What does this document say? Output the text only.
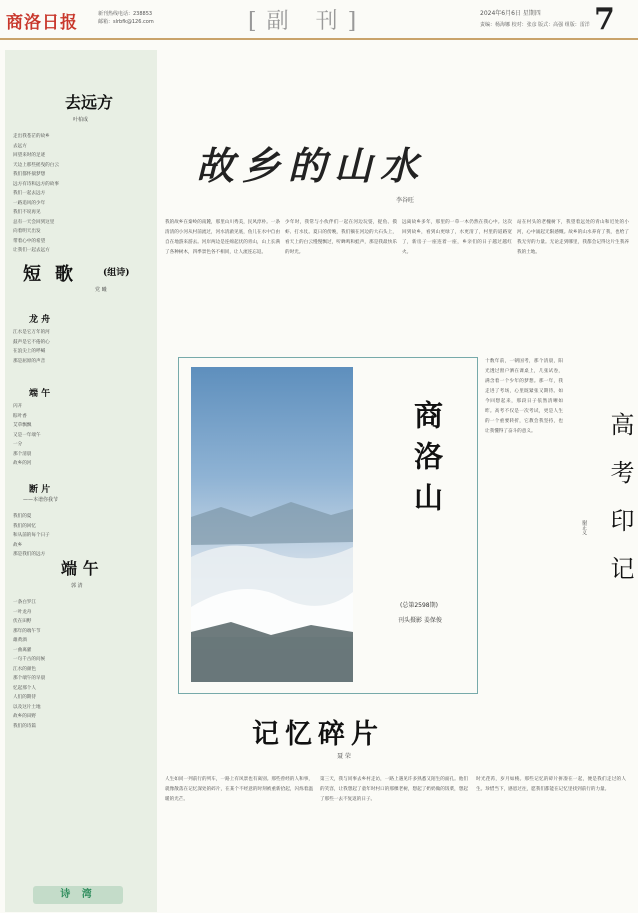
商洛日报	新刊热线电话：238853
邮箱：slrbfk@126.com	[副 刊]	2024年6月6日 星期四
责编：杨海娜 校对：张彦 版式：高强 组版：雷洋 7
去远方
叶柏成
走出我苍茫的故乡
去远方
回望来时的足迹
天边上那些摇曳的白云
我们都怀揣梦想
远方有诗和远方的故事
我们一起去远方
一路追风的少年
我们不说再见
总有一天会回到这里
向着明天出发
带着心中的希望
让我们一起去远方
短歌 (组诗)
党 曦
龙 舟
江水是它万年的河
鼓声是它不倦的心
在浪尖上的呼喊
那是屈原的声音
端 午
闪开
粽叶香
艾草飘飘
又是一年端午
一分
那个清晨
故乡的河
断 片
——本谱你我节
我们的夏
我们的回忆
和从前的每个日子
故乡
那是我们的远方
端 午
郭 清
一条白罗江
一叶龙舟
伏在田野
那年的端午节
雄黄酒
一曲离骚
一句千古的问候
江水的颜色
那个端午的早晨
忆起那个人
人们的期待
以及这片土地
故乡的田野
我们的诗篇
诗 湾
故乡的山水
李谷旺
我的故乡在秦岭的南麓，那里山川秀美，民风淳朴。一条清清的小河从村前流过，河水清澈见底，鱼儿在水中自由自在地游来游去。河岸两边是连绵起伏的青山，山上长满了各种树木，四季景色各不相同，让人流连忘返。
少年时，我常与小伙伴们一起在河边玩耍，捉鱼、摸虾、打水仗。夏日的傍晚，我们躺在河边的大石头上，看天上的白云慢慢飘过，听蝉鸣和蛙声，那是我最快乐的时光。
远离故乡多年，那里的一草一木仍然在我心中。这次回到故乡，看到山更绿了，水更清了，村里的道路宽了，新房子一座连着一座，乡亲们的日子越过越红火。
站在村头的老槐树下，我望着远处的青山和近处的小河，心中涌起无限感慨。故乡的山水养育了我，也给了我无穷的力量。无论走到哪里，我都会记得这片生我养我的土地。
商洛山
(总第2598期)
刊头摄影 姜保俊
十数年前，一朝国考，那个清晨，阳光透过窗户洒在课桌上，几张试卷，满含着一个少年的梦想。那一年，我走进了考场，心里既紧张又期待。如今回想起来，那段日子依然清晰如昨。高考不仅是一次考试，更是人生的一个重要转折，它教会我坚持，也让我懂得了奋斗的意义。	高考印记
谢正义
记忆碎片
聂 荣
人生如同一列前行的列车，一路上有风景也有离别。那些曾经的人和事，就像散落在记忆深处的碎片，在某个不经意的时刻被重新拾起，闪烁着温暖的光芒。
第三天，我与同事去乡村走访，一路上遇见许多熟悉又陌生的面孔。他们的笑容，让我想起了童年时村口的那棵老树，想起了奶奶做的饭菜，想起了那些一去不复返的日子。
时光荏苒，岁月如梭。那些记忆的碎片拼凑在一起，便是我们走过的人生。珍惜当下，感恩过往，愿我们都能在记忆里找到前行的力量。
